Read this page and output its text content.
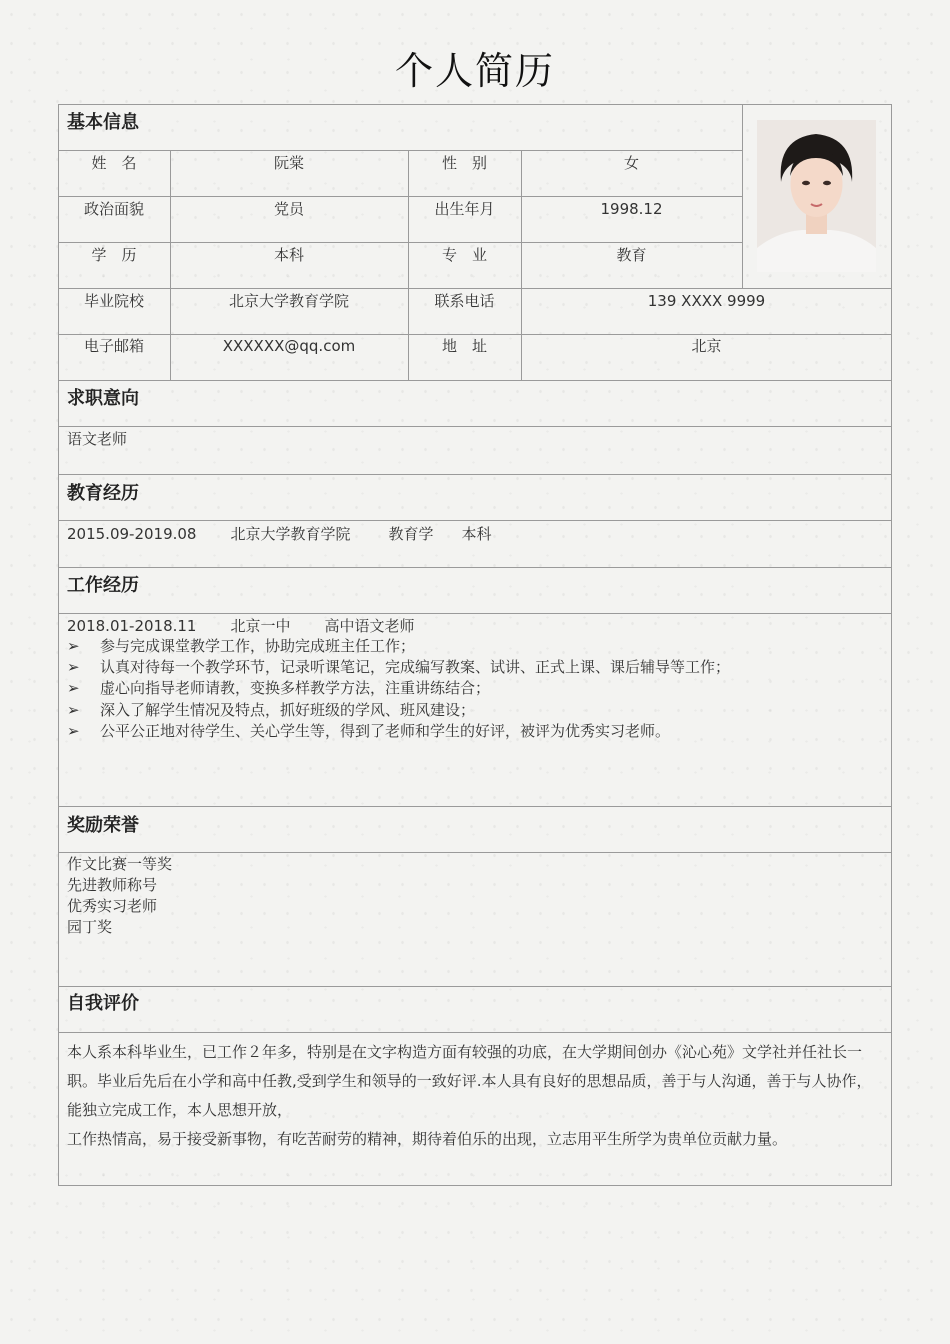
个人简历
基本信息
姓　名	阮棠	性　别	女
政治面貌	党员	出生年月	1998.12
学　历	本科	专　业	教育
毕业院校	北京大学教育学院	联系电话	139 XXXX 9999
电子邮箱	XXXXXX@qq.com	地　址	北京
求职意向
语文老师
教育经历
2015.09-2019.08 北京大学教育学院	教育学 本科
工作经历
2018.01-2018.11 北京一中 高中语文老师
➢ 参与完成课堂教学工作，协助完成班主任工作；
➢ 认真对待每一个教学环节，记录听课笔记，完成编写教案、试讲、正式上课、课后辅导等工作；
➢ 虚心向指导老师请教，变换多样教学方法，注重讲练结合；
➢ 深入了解学生情况及特点，抓好班级的学风、班风建设；
➢ 公平公正地对待学生、关心学生等，得到了老师和学生的好评，被评为优秀实习老师。
奖励荣誉
作文比赛一等奖
先进教师称号
优秀实习老师
园丁奖
自我评价

本人系本科毕业生，已工作２年多，特别是在文字构造方面有较强的功底，在大学期间创办《沁心苑》文学社并任社长一职。毕业后先后在小学和高中任教,受到学生和领导的一致好评.本人具有良好的思想品质，善于与人沟通，善于与人协作，能独立完成工作，本人思想开放，

工作热情高，易于接受新事物，有吃苦耐劳的精神，期待着伯乐的出现，立志用平生所学为贵单位贡献力量。
